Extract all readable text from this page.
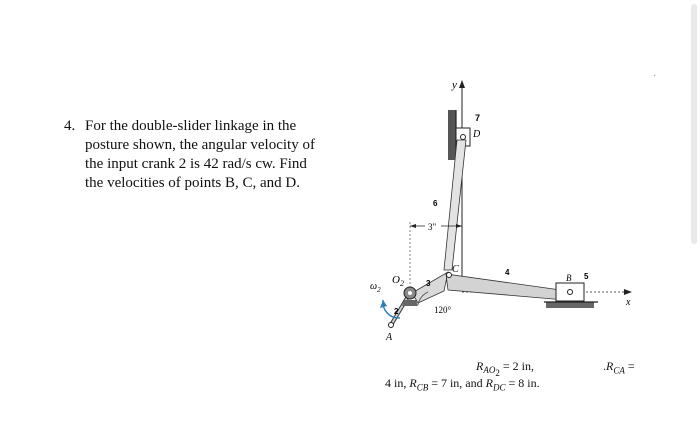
·
4. For the double-slider linkage in the
posture shown, the angular velocity of
the input crank 2 is 42 rad/s cw. Find
the velocities of points B, C, and D.
y
x
7
D
6
3"
3
4
C
B 5
A
2
$O_2$
$\omega_2$
120°
$R_{AO_2} = 2$ in,	$.R_{CA}$ =
4 in, $R_{CB} = 7$ in, and $R_{DC} = 8$ in.
